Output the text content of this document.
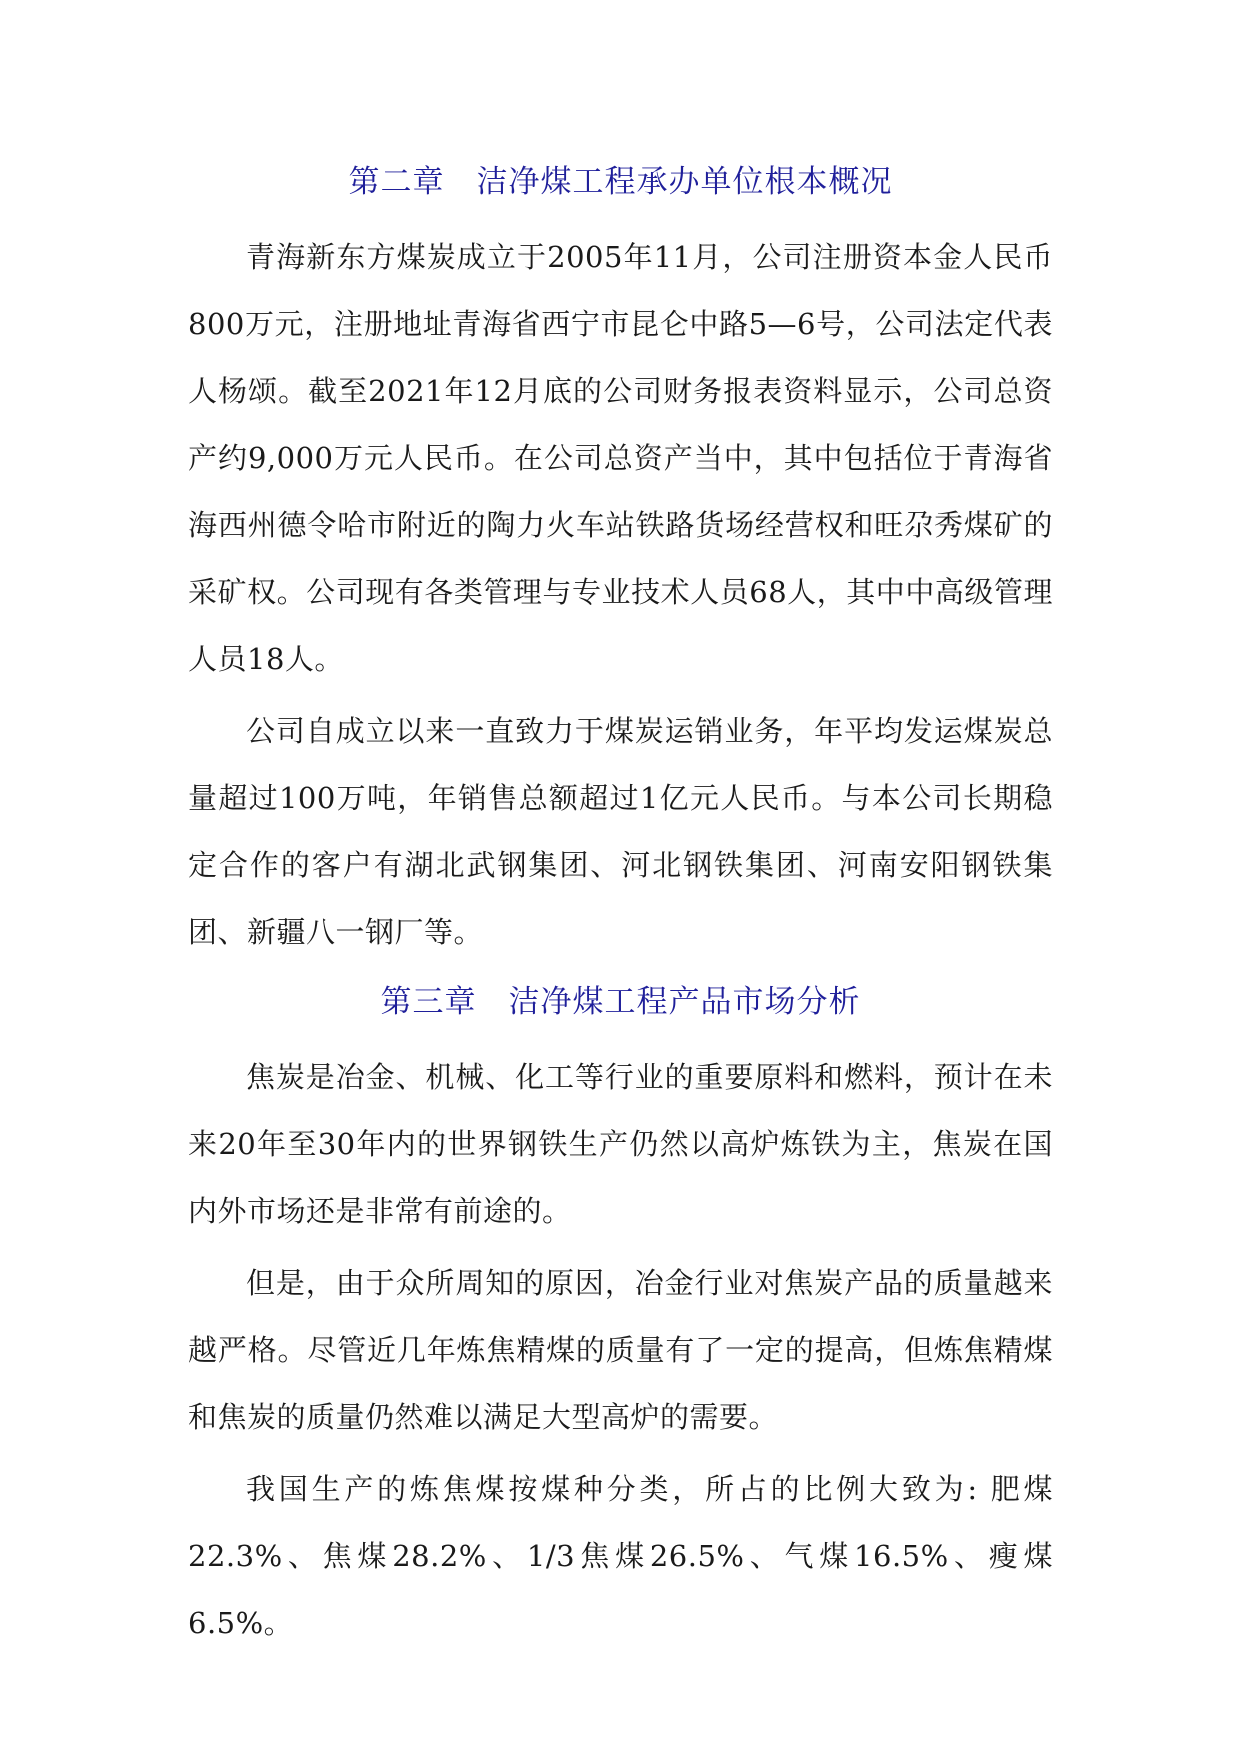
第二章　洁净煤工程承办单位根本概况

青海新东方煤炭成立于2005年11月，公司注册资本金人民币800万元，注册地址青海省西宁市昆仑中路5—6号，公司法定代表人杨颂。截至2021年12月底的公司财务报表资料显示，公司总资产约9,000万元人民币。在公司总资产当中，其中包括位于青海省海西州德令哈市附近的陶力火车站铁路货场经营权和旺尕秀煤矿的采矿权。公司现有各类管理与专业技术人员68人，其中中高级管理人员18人。

公司自成立以来一直致力于煤炭运销业务，年平均发运煤炭总量超过100万吨，年销售总额超过1亿元人民币。与本公司长期稳定合作的客户有湖北武钢集团、河北钢铁集团、河南安阳钢铁集团、新疆八一钢厂等。

第三章　洁净煤工程产品市场分析

焦炭是冶金、机械、化工等行业的重要原料和燃料，预计在未来20年至30年内的世界钢铁生产仍然以高炉炼铁为主，焦炭在国内外市场还是非常有前途的。

但是，由于众所周知的原因，冶金行业对焦炭产品的质量越来越严格。尽管近几年炼焦精煤的质量有了一定的提高，但炼焦精煤和焦炭的质量仍然难以满足大型高炉的需要。

我国生产的炼焦煤按煤种分类，所占的比例大致为: 肥煤22.3%、焦煤28.2%、1/3焦煤26.5%、气煤16.5%、瘦煤6.5%。
